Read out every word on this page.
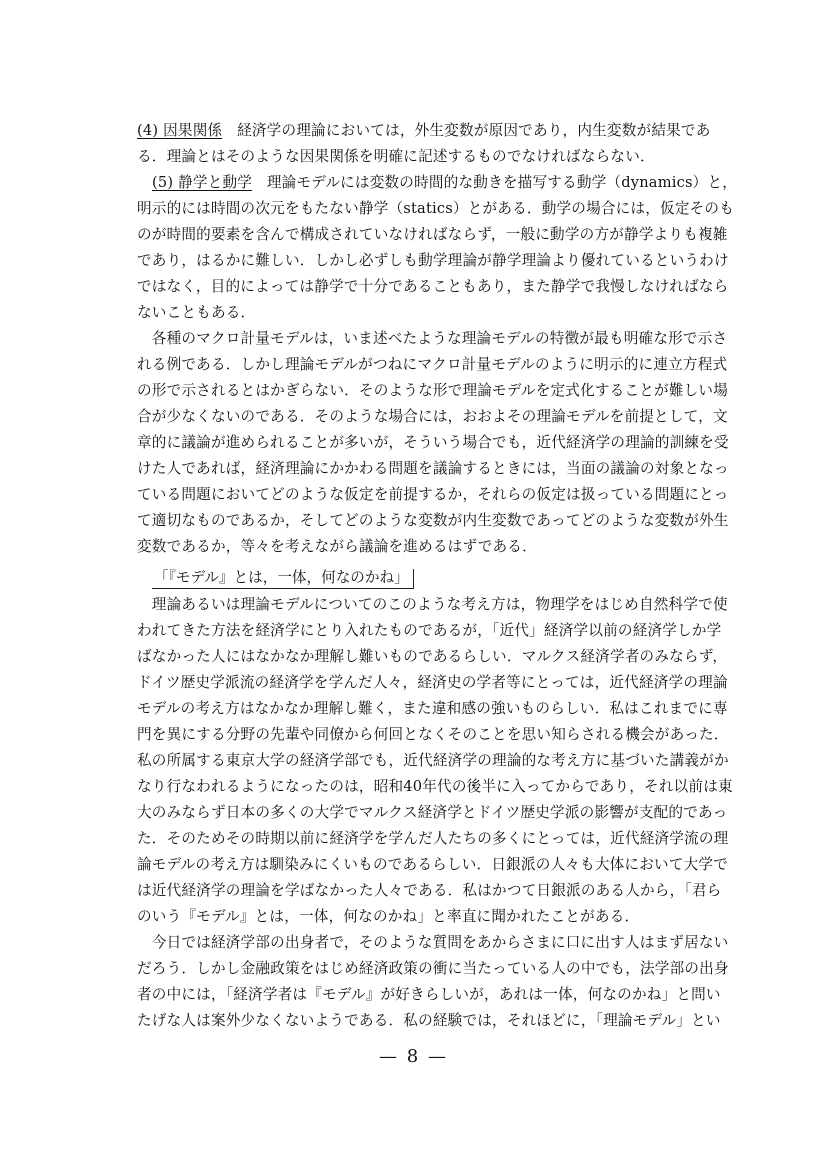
(4) 因果関係　経済学の理論においては，外生変数が原因であり，内生変数が結果であ
る．理論とはそのような因果関係を明確に記述するものでなければならない．
(5) 静学と動学　理論モデルには変数の時間的な動きを描写する動学（dynamics）と，
明示的には時間の次元をもたない静学（statics）とがある．動学の場合には，仮定そのも
のが時間的要素を含んで構成されていなければならず，一般に動学の方が静学よりも複雑
であり，はるかに難しい．しかし必ずしも動学理論が静学理論より優れているというわけ
ではなく，目的によっては静学で十分であることもあり，また静学で我慢しなければなら
ないこともある．
　各種のマクロ計量モデルは，いま述べたような理論モデルの特徴が最も明確な形で示さ
れる例である．しかし理論モデルがつねにマクロ計量モデルのように明示的に連立方程式
の形で示されるとはかぎらない．そのような形で理論モデルを定式化することが難しい場
合が少なくないのである．そのような場合には，おおよその理論モデルを前提として，文
章的に議論が進められることが多いが，そういう場合でも，近代経済学の理論的訓練を受
けた人であれば，経済理論にかかわる問題を議論するときには，当面の議論の対象となっ
ている問題においてどのような仮定を前提するか，それらの仮定は扱っている問題にとっ
て適切なものであるか，そしてどのような変数が内生変数であってどのような変数が外生
変数であるか，等々を考えながら議論を進めるはずである．
「『モデル』とは，一体，何なのかね」
　理論あるいは理論モデルについてのこのような考え方は，物理学をはじめ自然科学で使
われてきた方法を経済学にとり入れたものであるが，「近代」経済学以前の経済学しか学
ばなかった人にはなかなか理解し難いものであるらしい．マルクス経済学者のみならず，
ドイツ歴史学派流の経済学を学んだ人々，経済史の学者等にとっては，近代経済学の理論
モデルの考え方はなかなか理解し難く，また違和感の強いものらしい．私はこれまでに専
門を異にする分野の先輩や同僚から何回となくそのことを思い知らされる機会があった．
私の所属する東京大学の経済学部でも，近代経済学の理論的な考え方に基づいた講義がか
なり行なわれるようになったのは，昭和40年代の後半に入ってからであり，それ以前は東
大のみならず日本の多くの大学でマルクス経済学とドイツ歴史学派の影響が支配的であっ
た．そのためその時期以前に経済学を学んだ人たちの多くにとっては，近代経済学流の理
論モデルの考え方は馴染みにくいものであるらしい．日銀派の人々も大体において大学で
は近代経済学の理論を学ばなかった人々である．私はかつて日銀派のある人から，「君ら
のいう『モデル』とは，一体，何なのかね」と率直に聞かれたことがある．
　今日では経済学部の出身者で，そのような質問をあからさまに口に出す人はまず居ない
だろう．しかし金融政策をはじめ経済政策の衝に当たっている人の中でも，法学部の出身
者の中には，「経済学者は『モデル』が好きらしいが，あれは一体，何なのかね」と問い
たげな人は案外少なくないようである．私の経験では，それほどに，「理論モデル」とい
— 8 —
